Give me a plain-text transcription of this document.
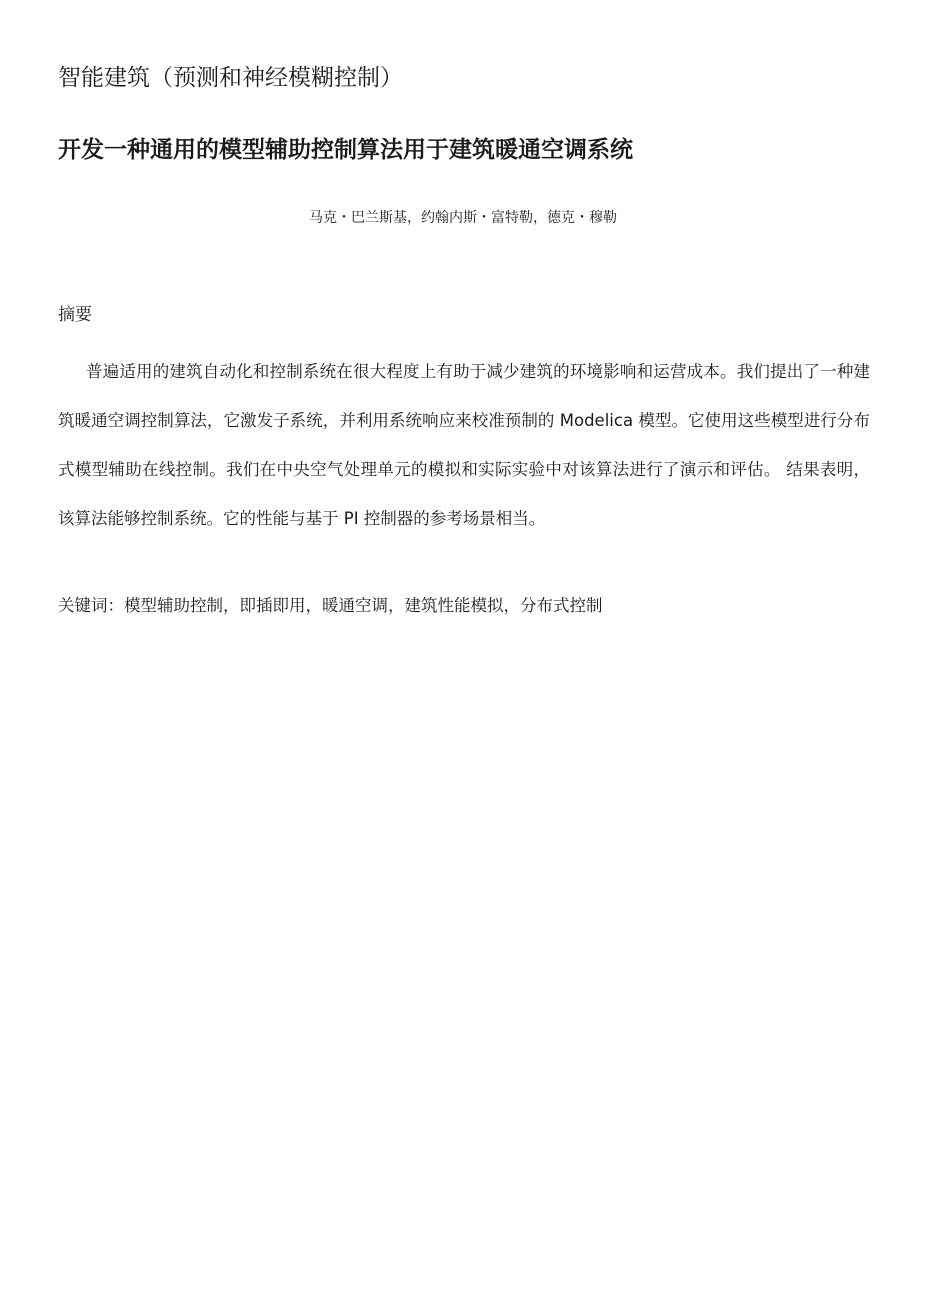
智能建筑（预测和神经模糊控制）
开发一种通用的模型辅助控制算法用于建筑暖通空调系统

马克・巴兰斯基，约翰内斯・富特勒，德克・穆勒

摘要

普遍适用的建筑自动化和控制系统在很大程度上有助于减少建筑的环境影响和运营成本。我们提出了一种建筑暖通空调控制算法，它激发子系统，并利用系统响应来校准预制的 Modelica 模型。它使用这些模型进行分布式模型辅助在线控制。我们在中央空气处理单元的模拟和实际实验中对该算法进行了演示和评估。 结果表明，该算法能够控制系统。它的性能与基于 PI 控制器的参考场景相当。

关键词：模型辅助控制，即插即用，暖通空调，建筑性能模拟，分布式控制
